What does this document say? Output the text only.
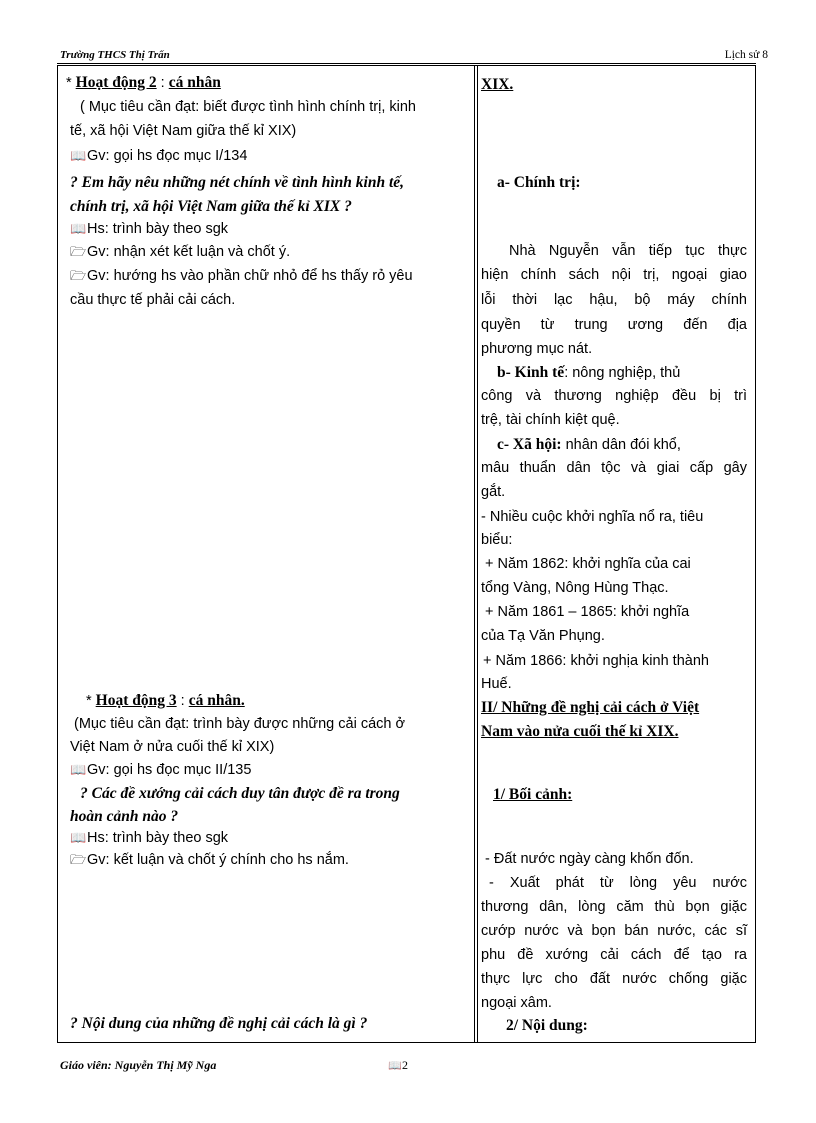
Trường THCS Thị Trấn	Lịch sử 8
* Hoạt động 2 : cá nhân
( Mục tiêu cần đạt: biết được tình hình chính trị, kinh
tế, xã hội Việt Nam giữa thế kỉ XIX)
📖Gv: gọi hs đọc mục I/134
? Em hãy nêu những nét chính về tình hình kinh tế,
chính trị, xã hội Việt Nam giữa thế kỉ XIX ?
📖Hs: trình bày theo sgk
🗁Gv: nhận xét kết luận và chốt ý.
🗁Gv: hướng hs vào phần chữ nhỏ để hs thấy rỏ yêu
cầu thực tế phải cải cách.
* Hoạt động 3 : cá nhân.
(Mục tiêu cần đạt: trình bày được những cải cách ở
Việt Nam ở nửa cuối thế kỉ XIX)
📖Gv: gọi hs đọc mục II/135
? Các đề xướng cải cách duy tân được đề ra trong
hoàn cảnh nào ?
📖Hs: trình bày theo sgk
🗁Gv: kết luận và chốt ý chính cho hs nắm.
? Nội dung của những đề nghị cải cách là gì ?
XIX.
a- Chính trị:
Nhà Nguyễn vẫn tiếp tục thực
hiện chính sách nội trị, ngoại giao
lỗi thời lạc hậu, bộ máy chính
quyền từ trung ương đến địa
phương mục nát.
b- Kinh tế: nông nghiệp, thủ
công và thương nghiệp đều bị trì
trệ, tài chính kiệt quệ.
c- Xã hội: nhân dân đói khổ,
mâu thuẩn dân tộc và giai cấp gây
gắt.
- Nhiều cuộc khởi nghĩa nổ ra, tiêu
biểu:
+ Năm 1862: khởi nghĩa của cai
tổng Vàng, Nông Hùng Thạc.
+ Năm 1861 – 1865: khởi nghĩa
của Tạ Văn Phụng.
+ Năm 1866: khởi nghịa kinh thành
Huế.
II/ Những đề nghị cải cách ở Việt
Nam vào nửa cuối thế kỉ XIX.
1/ Bối cảnh:
- Đất nước ngày càng khốn đốn.
- Xuất phát từ lòng yêu nước
thương dân, lòng căm thù bọn giặc
cướp nước và bọn bán nước, các sĩ
phu đề xướng cải cách để tạo ra
thực lực cho đất nước chống giặc
ngoại xâm.
2/ Nội dung:
Giáo viên: Nguyễn Thị Mỹ Nga	📖2
